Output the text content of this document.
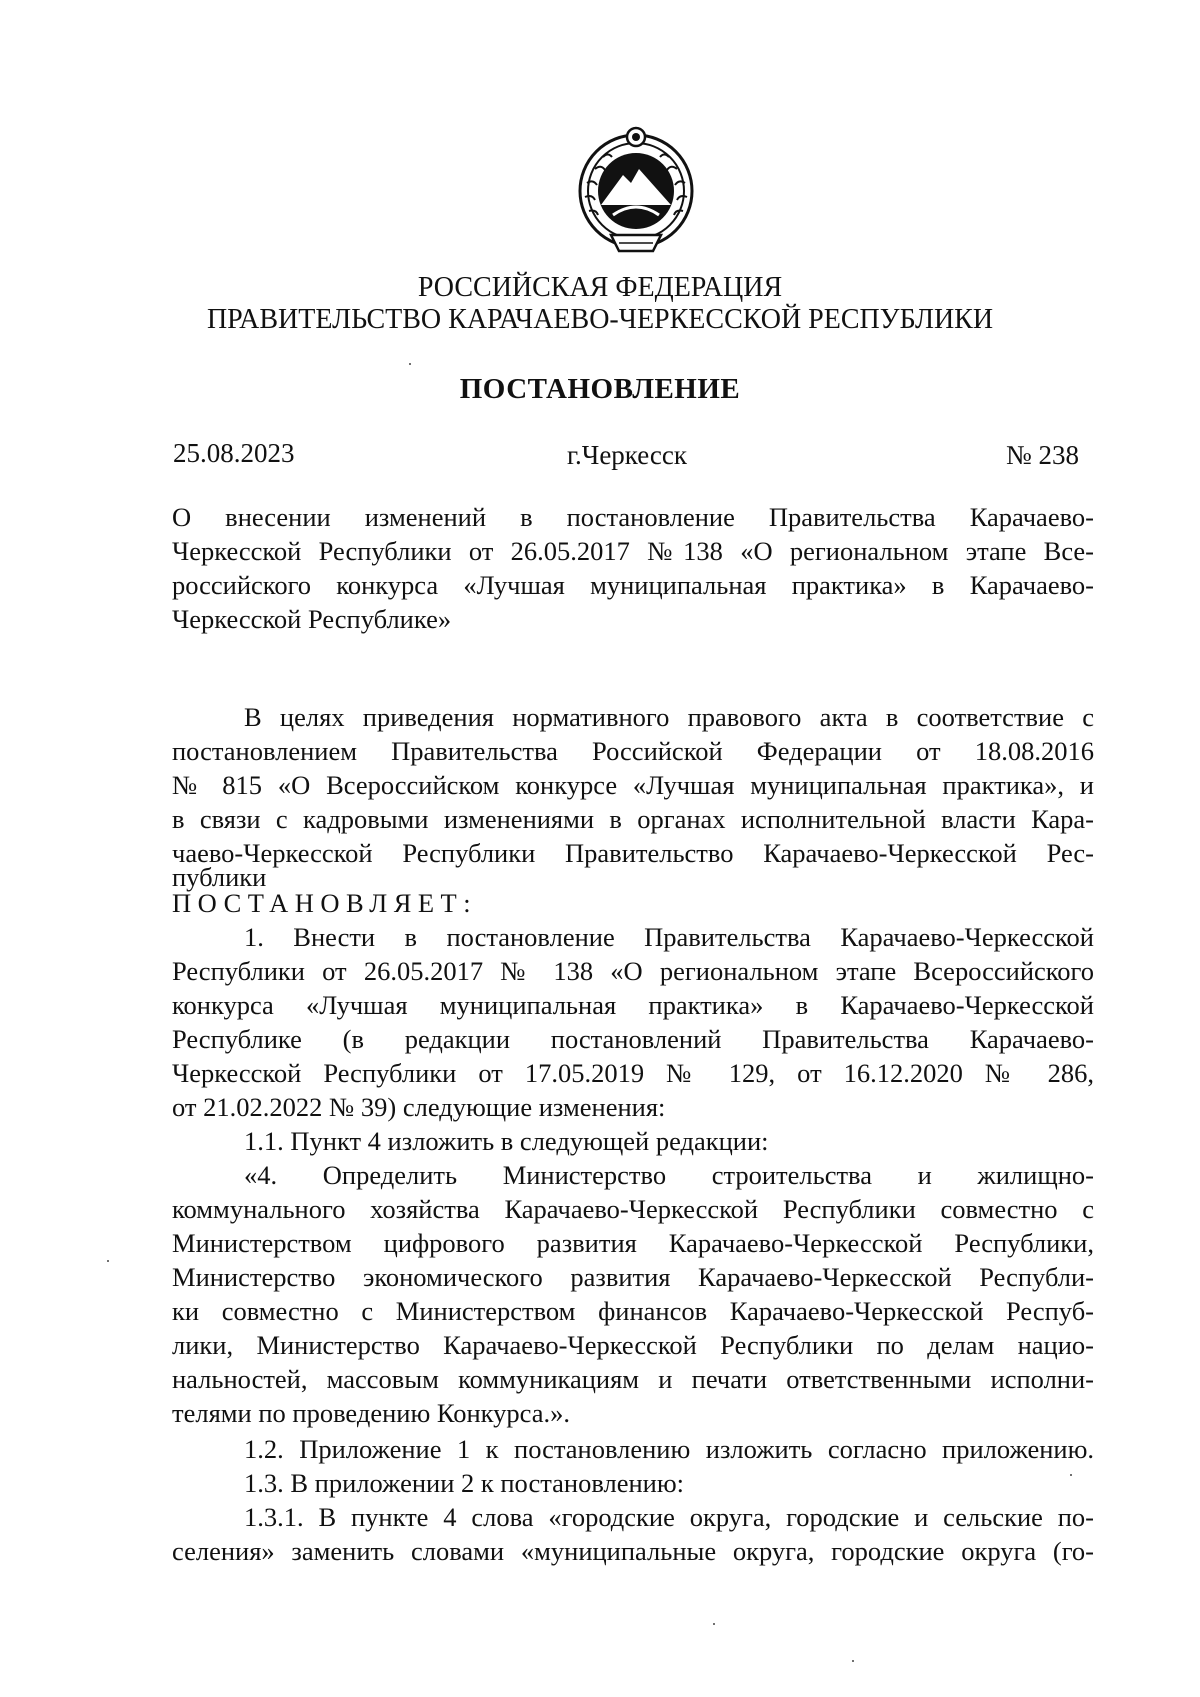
РОССИЙСКАЯ ФЕДЕРАЦИЯ
ПРАВИТЕЛЬСТВО КАРАЧАЕВО-ЧЕРКЕССКОЙ РЕСПУБЛИКИ
ПОСТАНОВЛЕНИЕ
25.08.2023	г.Черкесск	№ 238
О внесении изменений в постановление Правительства Карачаево-
Черкесской Республики от 26.05.2017 №138 «О региональном этапе Все-
российского конкурса «Лучшая муниципальная практика» в Карачаево-
Черкесской Республике»
В целях приведения нормативного правового акта в соответствие с
постановлением Правительства Российской Федерации от 18.08.2016
№ 815 «О Всероссийском конкурсе «Лучшая муниципальная практика», и
в связи с кадровыми изменениями в органах исполнительной власти Кара-
чаево-Черкесской Республики Правительство Карачаево-Черкесской Рес-
публики
ПОСТАНОВЛЯЕТ:
1. Внести в постановление Правительства Карачаево-Черкесской
Республики от 26.05.2017 № 138 «О региональном этапе Всероссийского
конкурса «Лучшая муниципальная практика» в Карачаево-Черкесской
Республике (в редакции постановлений Правительства Карачаево-
Черкесской Республики от 17.05.2019 № 129, от 16.12.2020 № 286,
от 21.02.2022 № 39) следующие изменения:
1.1. Пункт 4 изложить в следующей редакции:
«4. Определить Министерство строительства и жилищно-
коммунального хозяйства Карачаево-Черкесской Республики совместно с
Министерством цифрового развития Карачаево-Черкесской Республики,
Министерство экономического развития Карачаево-Черкесской Республи-
ки совместно с Министерством финансов Карачаево-Черкесской Респуб-
лики, Министерство Карачаево-Черкесской Республики по делам нацио-
нальностей, массовым коммуникациям и печати ответственными исполни-
телями по проведению Конкурса.».
1.2. Приложение 1 к постановлению изложить согласно приложению.
1.3. В приложении 2 к постановлению:
1.3.1. В пункте 4 слова «городские округа, городские и сельские по-
селения» заменить словами «муниципальные округа, городские округа (го-
